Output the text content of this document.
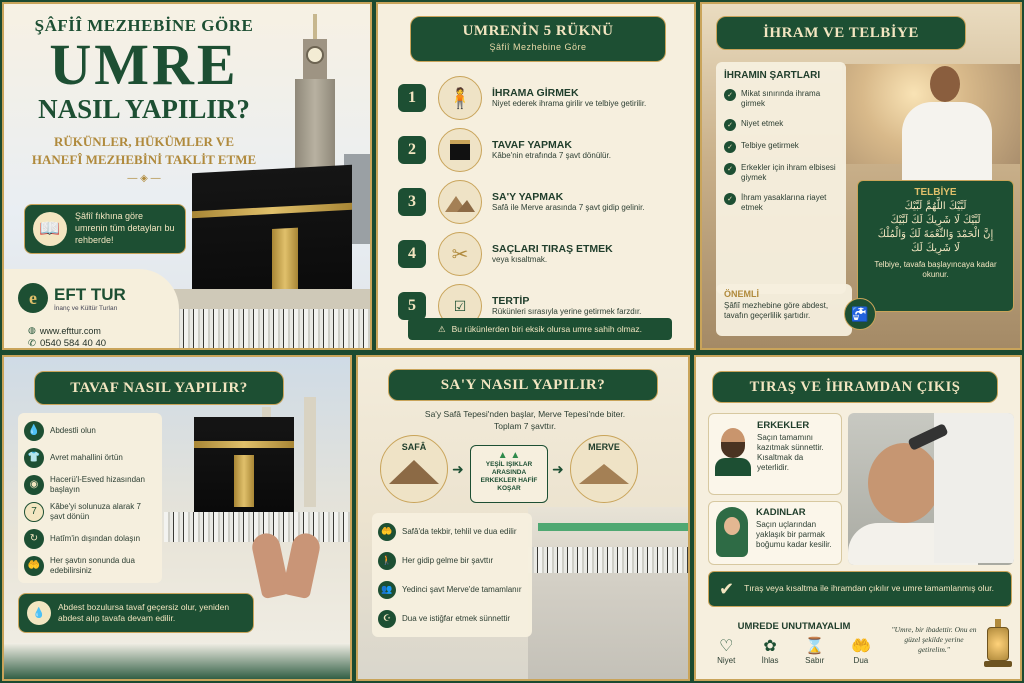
ŞÂFİÎ MEZHEBİNE GÖRE
UMRE
NASIL YAPILIR?
RÜKÜNLER, HÜKÜMLER VE
HANEFÎ MEZHEBİNİ TAKLİT ETME
— ◈ —
📖
Şâfiî fıkhına göre umrenin tüm detayları bu rehberde!
e	EFT TUR
İnanç ve Kültür Turları
◍ www.efttur.com
✆ 0540 584 40 40
UMRENİN 5 RÜKNÜ
Şâfiî Mezhebine Göre
1	🧍	İHRAMA GİRMEK
Niyet ederek ihrama girilir ve telbiye getirilir.
2	TAVAF YAPMAK
Kâbe'nin etrafında 7 şavt dönülür.
3	SA'Y YAPMAK
Safâ ile Merve arasında 7 şavt gidip gelinir.
4	✂	SAÇLARI TIRAŞ ETMEK
veya kısaltmak.
5	☑	TERTİP
Rükünleri sırasıyla yerine getirmek farzdır.
⚠ Bu rükünlerden biri eksik olursa umre sahih olmaz.
İHRAM VE TELBİYE
İHRAMIN ŞARTLARI
✓	Mikat sınırında ihrama girmek
✓	Niyet etmek
✓	Telbiye getirmek
✓	Erkekler için ihram elbisesi giymek
✓	İhram yasaklarına riayet etmek
TELBİYE
لَبَّيْكَ اللَّهُمَّ لَبَّيْكَ
لَبَّيْكَ لَا شَرِيكَ لَكَ لَبَّيْكَ
إِنَّ الْحَمْدَ وَالنِّعْمَةَ لَكَ وَالْمُلْكَ
لَا شَرِيكَ لَكَ
Telbiye, tavafa başlayıncaya kadar okunur.
ÖNEMLİ
Şâfiî mezhebine göre abdest, tavafın geçerlilik şartıdır.	🚰
TAVAF NASIL YAPILIR?
💧	Abdestli olun
👕	Avret mahallini örtün
◉	Hacerü'l-Esved hizasından başlayın
7	Kâbe'yi solunuza alarak 7 şavt dönün
↻	Hatîm'in dışından dolaşın
🤲	Her şavtın sonunda dua edebilirsiniz
💧
Abdest bozulursa tavaf geçersiz olur, yeniden abdest alıp tavafa devam edilir.
SA'Y NASIL YAPILIR?
Sa'y Safâ Tepesi'nden başlar, Merve Tepesi'nde biter.
Toplam 7 şavttır.
SAFÂ
➜
▲ ▲
YEŞİL IŞIKLAR ARASINDA ERKEKLER HAFİF KOŞAR
➜
MERVE
🤲	Safâ'da tekbir, tehlil ve dua edilir
🚶	Her gidip gelme bir şavttır
👥	Yedinci şavt Merve'de tamamlanır
☪	Dua ve istiğfar etmek sünnettir
TIRAŞ VE İHRAMDAN ÇIKIŞ
ERKEKLER
Saçın tamamını kazıtmak sünnettir. Kısaltmak da yeterlidir.
KADINLAR
Saçın uçlarından yaklaşık bir parmak boğumu kadar kesilir.
✔ Tıraş veya kısaltma ile ihramdan çıkılır ve umre tamamlanmış olur.
UMREDE UNUTMAYALIM
♡
Niyet
✿
İhlas
⌛
Sabır
🤲
Dua
"Umre, bir ibadettir. Onu en güzel şekilde yerine getirelim."
